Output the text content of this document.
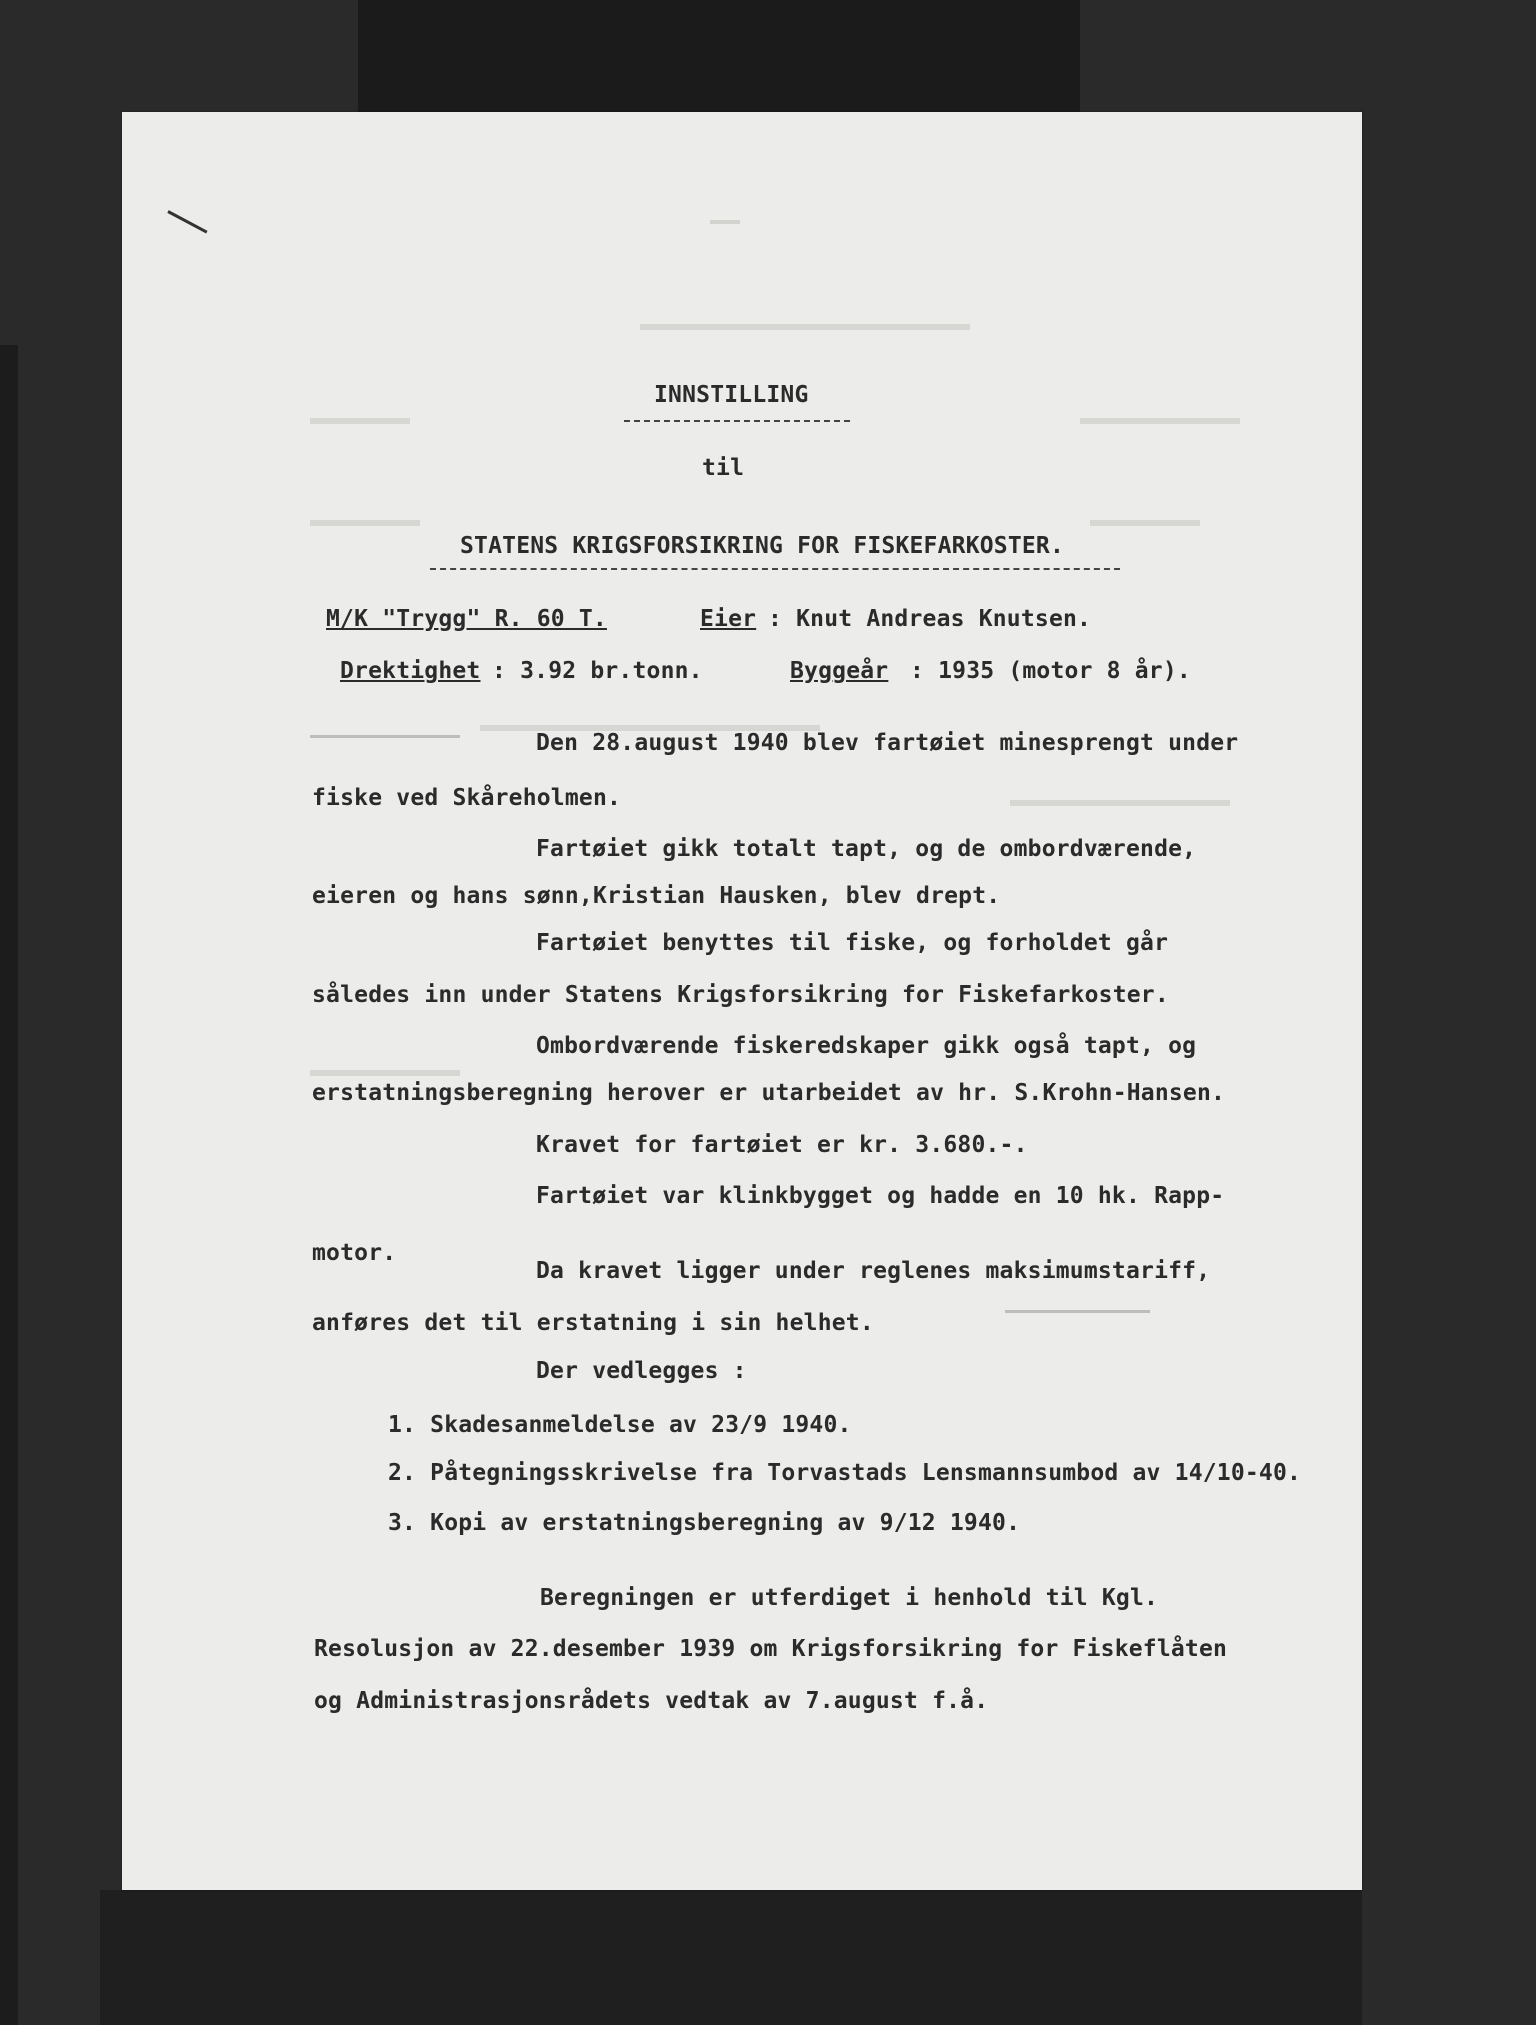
INNSTILLING
til
STATENS KRIGSFORSIKRING FOR FISKEFARKOSTER.
M/K "Trygg" R. 60 T.	Eier : Knut Andreas Knutsen.
Drektighet : 3.92 br.tonn.	Byggeår : 1935 (motor 8 år).
Den 28.august 1940 blev fartøiet minesprengt under
fiske ved Skåreholmen.
Fartøiet gikk totalt tapt, og de ombordværende,
eieren og hans sønn,Kristian Hausken, blev drept.
Fartøiet benyttes til fiske, og forholdet går
således inn under Statens Krigsforsikring for Fiskefarkoster.
Ombordværende fiskeredskaper gikk også tapt, og
erstatningsberegning herover er utarbeidet av hr. S.Krohn-Hansen.
Kravet for fartøiet er kr. 3.680.-.
Fartøiet var klinkbygget og hadde en 10 hk. Rapp-
motor.
Da kravet ligger under reglenes maksimumstariff,
anføres det til erstatning i sin helhet.
Der vedlegges :
1. Skadesanmeldelse av 23/9 1940.
2. Påtegningsskrivelse fra Torvastads Lensmannsumbod av 14/10-40.
3. Kopi av erstatningsberegning av 9/12 1940.
Beregningen er utferdiget i henhold til Kgl.
Resolusjon av 22.desember 1939 om Krigsforsikring for Fiskeflåten
og Administrasjonsrådets vedtak av 7.august f.å.
